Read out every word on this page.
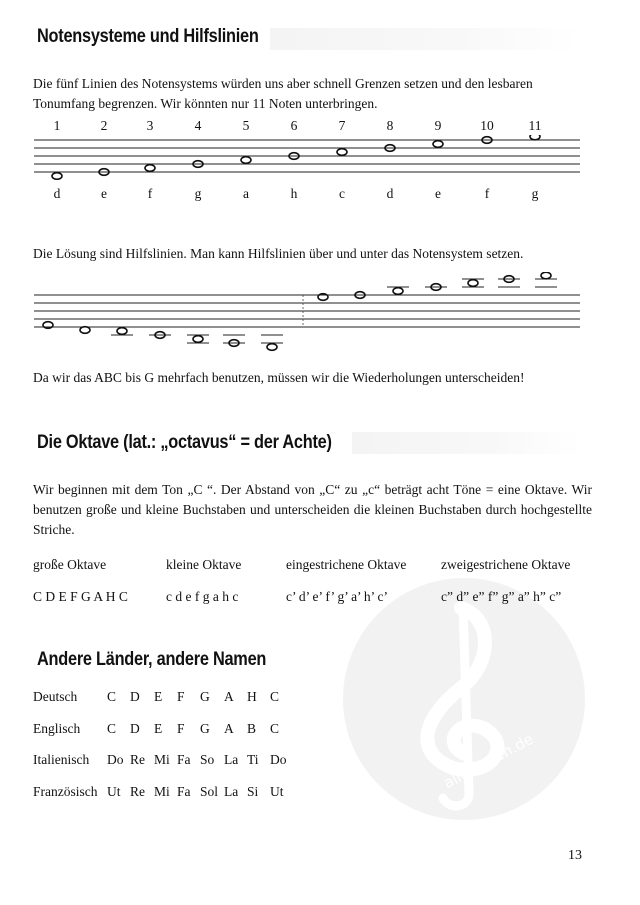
alle-noten.de
Notensysteme und Hilfslinien
Die fünf Linien des Notensystems würden uns aber schnell Grenzen setzen und den lesbaren Tonumfang begrenzen. Wir könnten nur 11 Noten unterbringen.
1	2	3	4	5	6	7	8	9	10	11
d	e	f	g	a	h	c	d	e	f	g
Die Lösung sind Hilfslinien. Man kann Hilfslinien über und unter das Notensystem setzen.
Da wir das ABC bis G mehrfach benutzen, müssen wir die Wiederholungen unterscheiden!
Die Oktave (lat.: „octavus“ = der Achte)
Wir beginnen mit dem Ton „C “. Der Abstand von „C“ zu „c“ beträgt acht Töne = eine Oktave. Wir benutzen große und kleine Buchstaben und unterscheiden die kleinen Buchstaben durch hochgestellte Striche.
große Oktave	kleine Oktave	eingestrichene Oktave	zweigestrichene Oktave
C D E F G A H C	c d e f g a h c	c’ d’ e’ f’ g’ a’ h’ c’	c” d” e” f” g” a” h” c”
Andere Länder, andere Namen
Deutsch C D E F G A H C
Englisch C D E F G A B C
Italienisch Do Re Mi Fa So La Ti Do
Französisch Ut Re Mi Fa Sol La Si Ut
13
